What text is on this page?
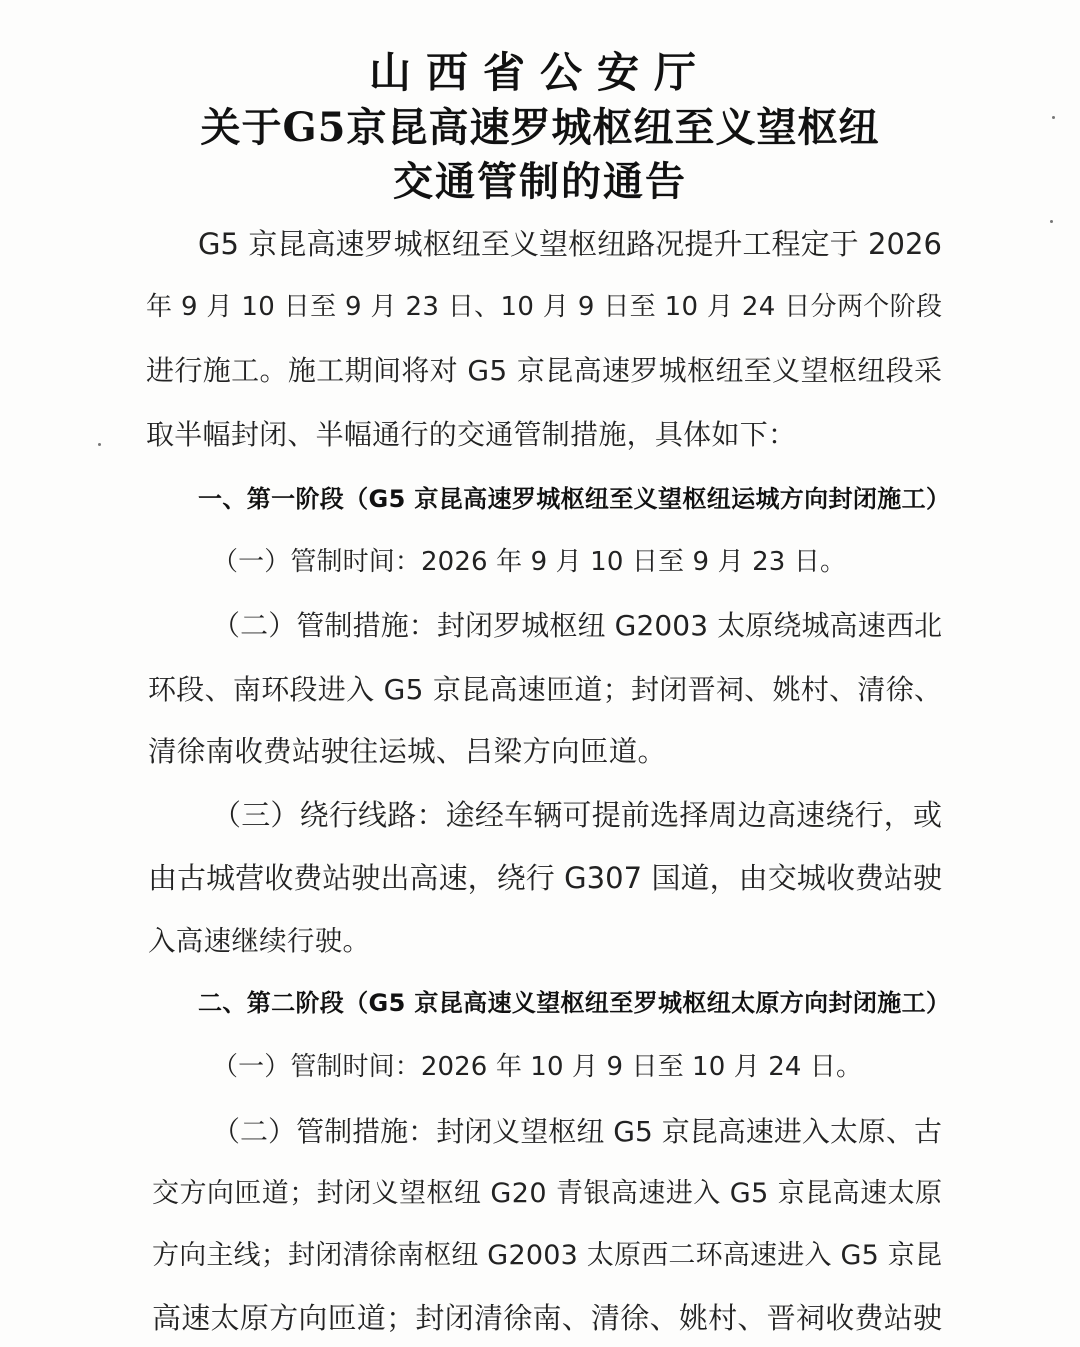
山西省公安厅
关于G5京昆高速罗城枢纽至义望枢纽
交通管制的通告
G5 京昆高速罗城枢纽至义望枢纽路况提升工程定于 2026
年 9 月 10 日至 9 月 23 日、10 月 9 日至 10 月 24 日分两个阶段
进行施工。施工期间将对 G5 京昆高速罗城枢纽至义望枢纽段采
取半幅封闭、半幅通行的交通管制措施，具体如下：
一、第一阶段（G5 京昆高速罗城枢纽至义望枢纽运城方向封闭施工）
（一）管制时间：2026 年 9 月 10 日至 9 月 23 日。
（二）管制措施：封闭罗城枢纽 G2003 太原绕城高速西北
环段、南环段进入 G5 京昆高速匝道；封闭晋祠、姚村、清徐、
清徐南收费站驶往运城、吕梁方向匝道。
（三）绕行线路：途经车辆可提前选择周边高速绕行，或
由古城营收费站驶出高速，绕行 G307 国道，由交城收费站驶
入高速继续行驶。
二、第二阶段（G5 京昆高速义望枢纽至罗城枢纽太原方向封闭施工）
（一）管制时间：2026 年 10 月 9 日至 10 月 24 日。
（二）管制措施：封闭义望枢纽 G5 京昆高速进入太原、古
交方向匝道；封闭义望枢纽 G20 青银高速进入 G5 京昆高速太原
方向主线；封闭清徐南枢纽 G2003 太原西二环高速进入 G5 京昆
高速太原方向匝道；封闭清徐南、清徐、姚村、晋祠收费站驶
